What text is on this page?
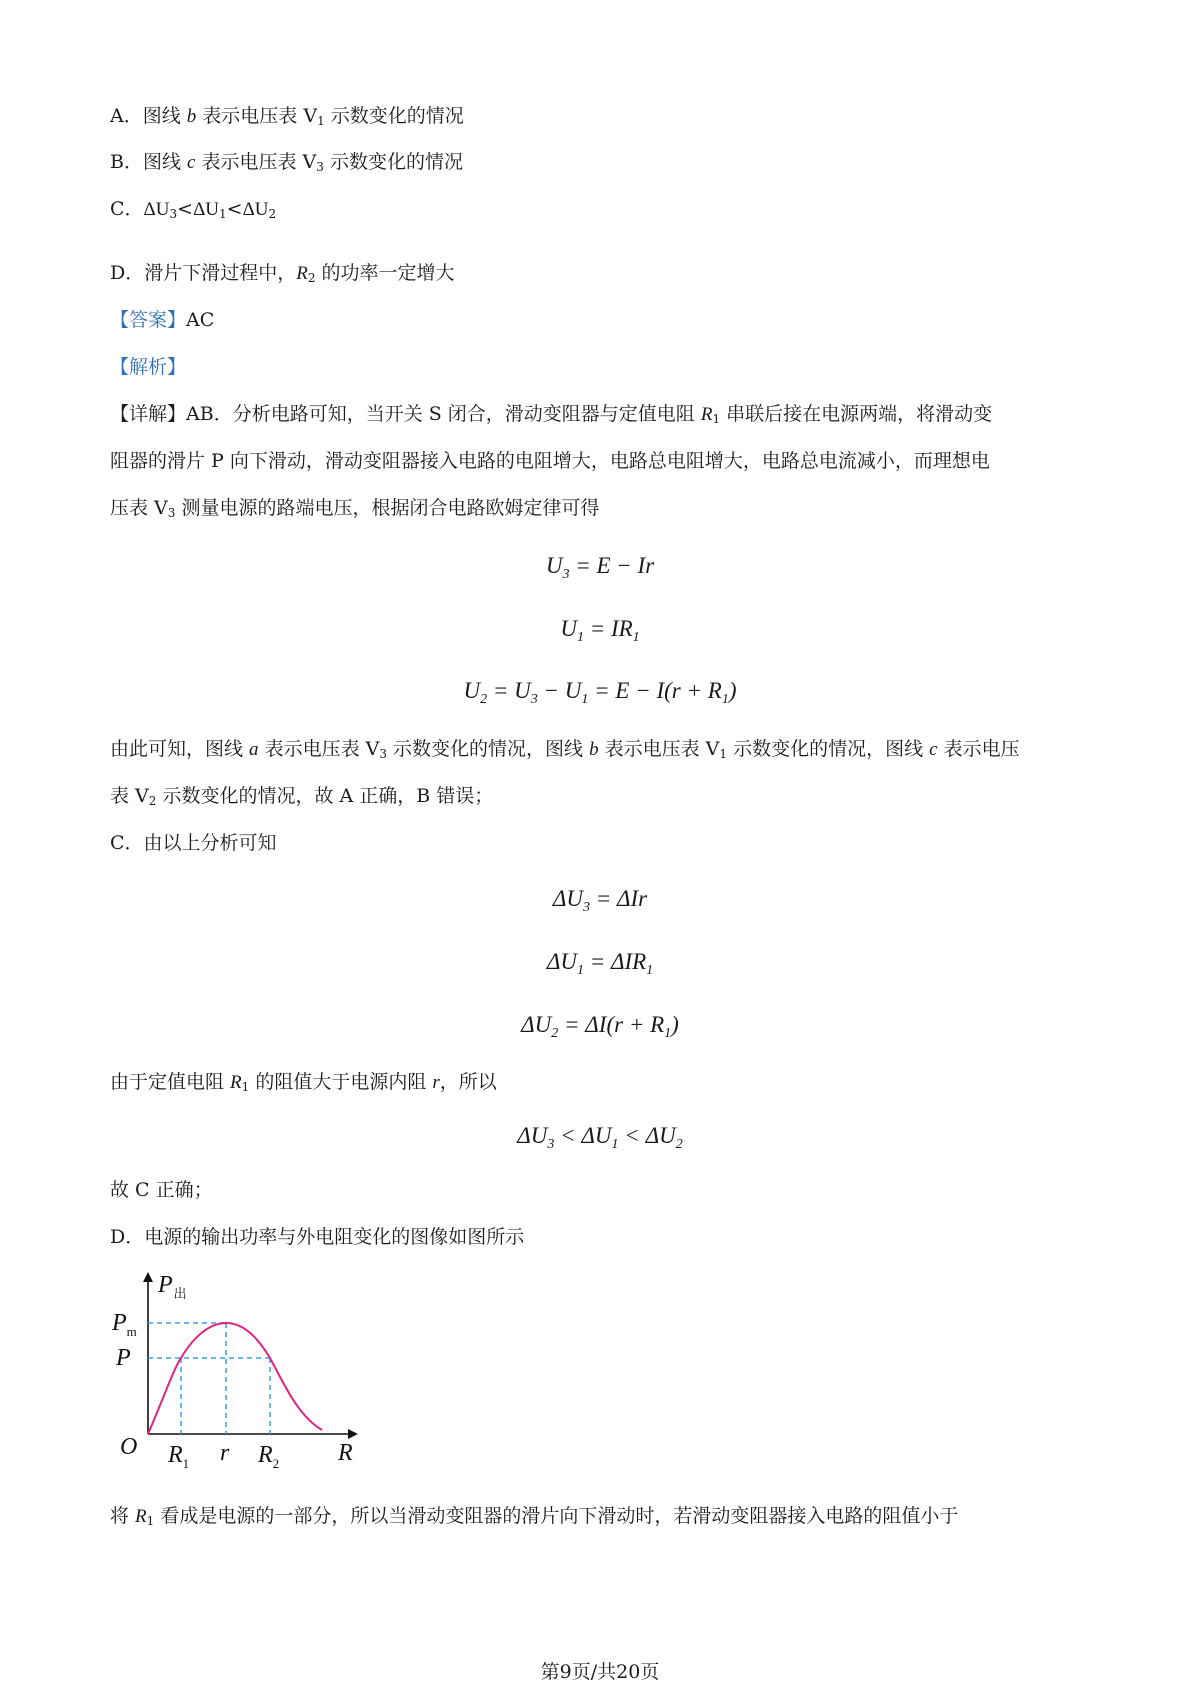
A．图线 b 表示电压表 $V_1$ 示数变化的情况
B．图线 c 表示电压表 $V_3$ 示数变化的情况
C．$\Delta U_3<\Delta U_1<\Delta U_2$
D．滑片下滑过程中，$R_2$ 的功率一定增大
【答案】AC
【解析】
【详解】AB．分析电路可知，当开关 S 闭合，滑动变阻器与定值电阻 $R_1$ 串联后接在电源两端，将滑动变
阻器的滑片 P 向下滑动，滑动变阻器接入电路的电阻增大，电路总电阻增大，电路总电流减小，而理想电
压表 $V_3$ 测量电源的路端电压，根据闭合电路欧姆定律可得
$U_3 = E - Ir$
$U_1 = IR_1$
$U_2 = U_3 - U_1 = E - I(r + R_1)$
由此可知，图线 a 表示电压表 $V_3$ 示数变化的情况，图线 b 表示电压表 $V_1$ 示数变化的情况，图线 c 表示电压
表 $V_2$ 示数变化的情况，故 A 正确，B 错误；
C．由以上分析可知
$\Delta U_3 = \Delta Ir$
$\Delta U_1 = \Delta IR_1$
$\Delta U_2 = \Delta I(r + R_1)$
由于定值电阻 $R_1$ 的阻值大于电源内阻 r，所以
$\Delta U_3 < \Delta U_1 < \Delta U_2$
故 C 正确；
D．电源的输出功率与外电阻变化的图像如图所示
$P_出$
$P_m$
P
O $R_1$ r $R_2$ R
将 $R_1$ 看成是电源的一部分，所以当滑动变阻器的滑片向下滑动时，若滑动变阻器接入电路的阻值小于
第9页/共20页
